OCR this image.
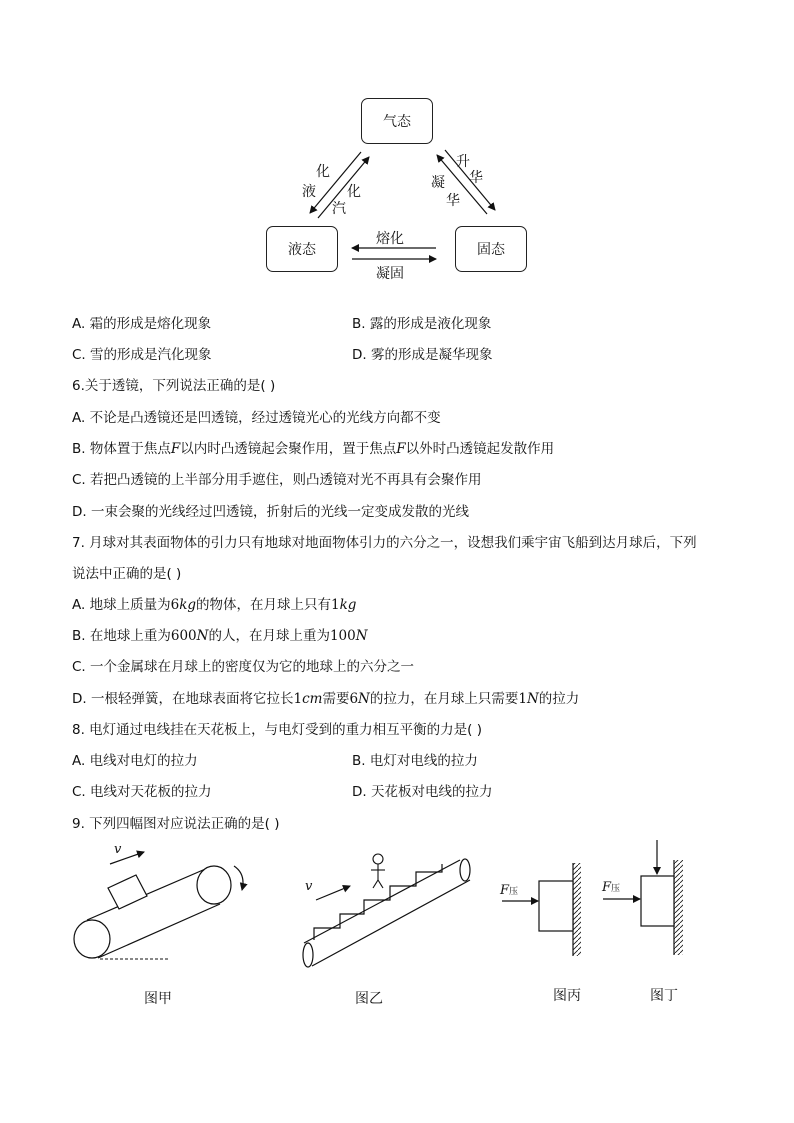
气态
液态	固态
化
液 化
汽
升
华
凝
华
熔化
凝固
A. 霜的形成是熔化现象	B. 露的形成是液化现象
C. 雪的形成是汽化现象	D. 雾的形成是凝华现象
6.关于透镜，下列说法正确的是( )
A. 不论是凸透镜还是凹透镜，经过透镜光心的光线方向都不变
B. 物体置于焦点F以内时凸透镜起会聚作用，置于焦点F以外时凸透镜起发散作用
C. 若把凸透镜的上半部分用手遮住，则凸透镜对光不再具有会聚作用
D. 一束会聚的光线经过凹透镜，折射后的光线一定变成发散的光线
7. 月球对其表面物体的引力只有地球对地面物体引力的六分之一，设想我们乘宇宙飞船到达月球后，下列
说法中正确的是( )
A. 地球上质量为6kg的物体，在月球上只有1kg
B. 在地球上重为600N的人，在月球上重为100N
C. 一个金属球在月球上的密度仅为它的地球上的六分之一
D. 一根轻弹簧，在地球表面将它拉长1cm需要6N的拉力，在月球上只需要1N的拉力
8. 电灯通过电线挂在天花板上，与电灯受到的重力相互平衡的力是( )
A. 电线对电灯的拉力	B. 电灯对电线的拉力
C. 电线对天花板的拉力	D. 天花板对电线的拉力
9. 下列四幅图对应说法正确的是( )
v
图甲
v
图乙
F压
图丙
F压
图丁
